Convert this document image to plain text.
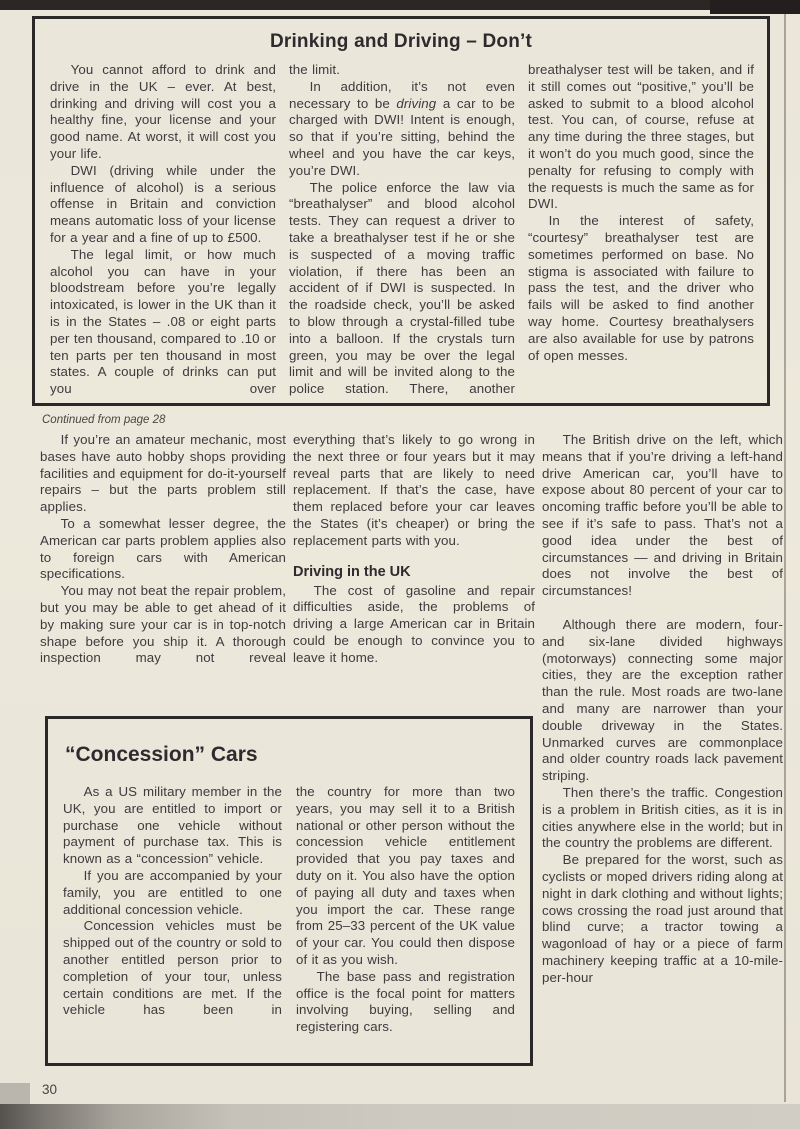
Drinking and Driving – Don’t

You cannot afford to drink and drive in the UK – ever. At best, drinking and driving will cost you a healthy fine, your license and your good name. At worst, it will cost you your life.

DWI (driving while under the influence of alcohol) is a serious offense in Britain and conviction means automatic loss of your license for a year and a fine of up to £500.

The legal limit, or how much alcohol you can have in your bloodstream before you’re legally intoxicated, is lower in the UK than it is in the States – .08 or eight parts per ten thousand, compared to .10 or ten parts per ten thousand in most states. A couple of drinks can put you over

the limit.

In addition, it’s not even necessary to be driving a car to be charged with DWI! Intent is enough, so that if you’re sitting, behind the wheel and you have the car keys, you’re DWI.

The police enforce the law via “breathalyser” and blood alcohol tests. They can request a driver to take a breathalyser test if he or she is suspected of a moving traffic violation, if there has been an accident of if DWI is suspected. In the roadside check, you’ll be asked to blow through a crystal-filled tube into a balloon. If the crystals turn green, you may be over the legal limit and will be invited along to the police station. There, another

breathalyser test will be taken, and if it still comes out “positive,” you’ll be asked to submit to a blood alcohol test. You can, of course, refuse at any time during the three stages, but it won’t do you much good, since the penalty for refusing to comply with the requests is much the same as for DWI.

In the interest of safety, “courtesy” breathalyser test are sometimes performed on base. No stigma is associated with failure to pass the test, and the driver who fails will be asked to find another way home. Courtesy breathalysers are also available for use by patrons of open messes.

Continued from page 28

If you’re an amateur mechanic, most bases have auto hobby shops providing facilities and equipment for do-it-yourself repairs – but the parts problem still applies.

To a somewhat lesser degree, the American car parts problem applies also to foreign cars with American specifications.

You may not beat the repair problem, but you may be able to get ahead of it by making sure your car is in top-notch shape before you ship it. A thorough inspection may not reveal

everything that’s likely to go wrong in the next three or four years but it may reveal parts that are likely to need replacement. If that’s the case, have them replaced before your car leaves the States (it’s cheaper) or bring the replacement parts with you.

Driving in the UK

The cost of gasoline and repair difficulties aside, the problems of driving a large American car in Britain could be enough to convince you to leave it home.

The British drive on the left, which means that if you’re driving a left-hand drive American car, you’ll have to expose about 80 percent of your car to oncoming traffic before you’ll be able to see if it’s safe to pass. That’s not a good idea under the best of circumstances — and driving in Britain does not involve the best of circumstances!

Although there are modern, four- and six-lane divided highways (motorways) connecting some major cities, they are the exception rather than the rule. Most roads are two-lane and many are narrower than your double driveway in the States. Unmarked curves are commonplace and older country roads lack pavement striping.

Then there’s the traffic. Congestion is a problem in British cities, as it is in cities anywhere else in the world; but in the country the problems are different.

Be prepared for the worst, such as cyclists or moped drivers riding along at night in dark clothing and without lights; cows crossing the road just around that blind curve; a tractor towing a wagonload of hay or a piece of farm machinery keeping traffic at a 10-mile-per-hour

“Concession” Cars

As a US military member in the UK, you are entitled to import or purchase one vehicle without payment of purchase tax. This is known as a “concession” vehicle.

If you are accompanied by your family, you are entitled to one additional concession vehicle.

Concession vehicles must be shipped out of the country or sold to another entitled person prior to completion of your tour, unless certain conditions are met. If the vehicle has been in

the country for more than two years, you may sell it to a British national or other person without the concession vehicle entitlement provided that you pay taxes and duty on it. You also have the option of paying all duty and taxes when you import the car. These range from 25–33 percent of the UK value of your car. You could then dispose of it as you wish.

The base pass and registration office is the focal point for matters involving buying, selling and registering cars.

30
